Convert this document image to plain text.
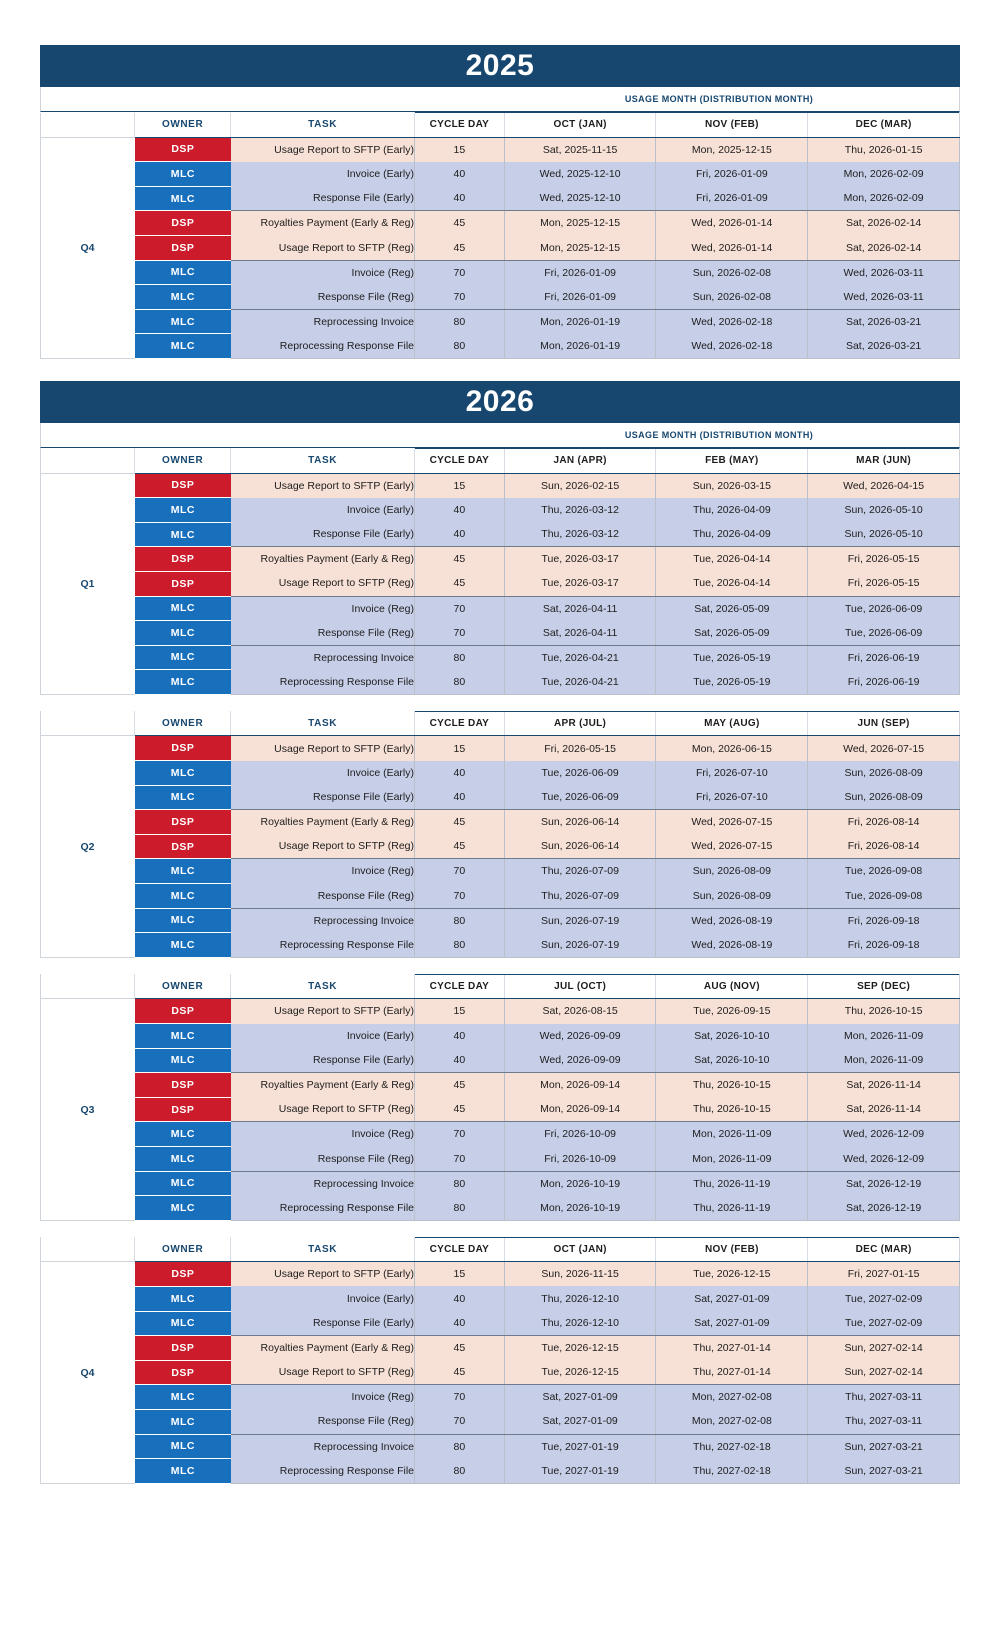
2025
USAGE MONTH (DISTRIBUTION MONTH)
	OWNER	TASK	CYCLE DAY	OCT (JAN)	NOV (FEB)	DEC (MAR)
Q4	DSP	Usage Report to SFTP (Early)	15	Sat, 2025-11-15	Mon, 2025-12-15	Thu, 2026-01-15
	MLC	Invoice (Early)	40	Wed, 2025-12-10	Fri, 2026-01-09	Mon, 2026-02-09
	MLC	Response File (Early)	40	Wed, 2025-12-10	Fri, 2026-01-09	Mon, 2026-02-09
	DSP	Royalties Payment (Early & Reg)	45	Mon, 2025-12-15	Wed, 2026-01-14	Sat, 2026-02-14
	DSP	Usage Report to SFTP (Reg)	45	Mon, 2025-12-15	Wed, 2026-01-14	Sat, 2026-02-14
	MLC	Invoice (Reg)	70	Fri, 2026-01-09	Sun, 2026-02-08	Wed, 2026-03-11
	MLC	Response File (Reg)	70	Fri, 2026-01-09	Sun, 2026-02-08	Wed, 2026-03-11
	MLC	Reprocessing Invoice	80	Mon, 2026-01-19	Wed, 2026-02-18	Sat, 2026-03-21
	MLC	Reprocessing Response File	80	Mon, 2026-01-19	Wed, 2026-02-18	Sat, 2026-03-21
2026
USAGE MONTH (DISTRIBUTION MONTH)
	OWNER	TASK	CYCLE DAY	JAN (APR)	FEB (MAY)	MAR (JUN)
Q1	DSP	Usage Report to SFTP (Early)	15	Sun, 2026-02-15	Sun, 2026-03-15	Wed, 2026-04-15
	MLC	Invoice (Early)	40	Thu, 2026-03-12	Thu, 2026-04-09	Sun, 2026-05-10
	MLC	Response File (Early)	40	Thu, 2026-03-12	Thu, 2026-04-09	Sun, 2026-05-10
	DSP	Royalties Payment (Early & Reg)	45	Tue, 2026-03-17	Tue, 2026-04-14	Fri, 2026-05-15
	DSP	Usage Report to SFTP (Reg)	45	Tue, 2026-03-17	Tue, 2026-04-14	Fri, 2026-05-15
	MLC	Invoice (Reg)	70	Sat, 2026-04-11	Sat, 2026-05-09	Tue, 2026-06-09
	MLC	Response File (Reg)	70	Sat, 2026-04-11	Sat, 2026-05-09	Tue, 2026-06-09
	MLC	Reprocessing Invoice	80	Tue, 2026-04-21	Tue, 2026-05-19	Fri, 2026-06-19
	MLC	Reprocessing Response File	80	Tue, 2026-04-21	Tue, 2026-05-19	Fri, 2026-06-19
	OWNER	TASK	CYCLE DAY	APR (JUL)	MAY (AUG)	JUN (SEP)
Q2	DSP	Usage Report to SFTP (Early)	15	Fri, 2026-05-15	Mon, 2026-06-15	Wed, 2026-07-15
	MLC	Invoice (Early)	40	Tue, 2026-06-09	Fri, 2026-07-10	Sun, 2026-08-09
	MLC	Response File (Early)	40	Tue, 2026-06-09	Fri, 2026-07-10	Sun, 2026-08-09
	DSP	Royalties Payment (Early & Reg)	45	Sun, 2026-06-14	Wed, 2026-07-15	Fri, 2026-08-14
	DSP	Usage Report to SFTP (Reg)	45	Sun, 2026-06-14	Wed, 2026-07-15	Fri, 2026-08-14
	MLC	Invoice (Reg)	70	Thu, 2026-07-09	Sun, 2026-08-09	Tue, 2026-09-08
	MLC	Response File (Reg)	70	Thu, 2026-07-09	Sun, 2026-08-09	Tue, 2026-09-08
	MLC	Reprocessing Invoice	80	Sun, 2026-07-19	Wed, 2026-08-19	Fri, 2026-09-18
	MLC	Reprocessing Response File	80	Sun, 2026-07-19	Wed, 2026-08-19	Fri, 2026-09-18
	OWNER	TASK	CYCLE DAY	JUL (OCT)	AUG (NOV)	SEP (DEC)
Q3	DSP	Usage Report to SFTP (Early)	15	Sat, 2026-08-15	Tue, 2026-09-15	Thu, 2026-10-15
	MLC	Invoice (Early)	40	Wed, 2026-09-09	Sat, 2026-10-10	Mon, 2026-11-09
	MLC	Response File (Early)	40	Wed, 2026-09-09	Sat, 2026-10-10	Mon, 2026-11-09
	DSP	Royalties Payment (Early & Reg)	45	Mon, 2026-09-14	Thu, 2026-10-15	Sat, 2026-11-14
	DSP	Usage Report to SFTP (Reg)	45	Mon, 2026-09-14	Thu, 2026-10-15	Sat, 2026-11-14
	MLC	Invoice (Reg)	70	Fri, 2026-10-09	Mon, 2026-11-09	Wed, 2026-12-09
	MLC	Response File (Reg)	70	Fri, 2026-10-09	Mon, 2026-11-09	Wed, 2026-12-09
	MLC	Reprocessing Invoice	80	Mon, 2026-10-19	Thu, 2026-11-19	Sat, 2026-12-19
	MLC	Reprocessing Response File	80	Mon, 2026-10-19	Thu, 2026-11-19	Sat, 2026-12-19
	OWNER	TASK	CYCLE DAY	OCT (JAN)	NOV (FEB)	DEC (MAR)
Q4	DSP	Usage Report to SFTP (Early)	15	Sun, 2026-11-15	Tue, 2026-12-15	Fri, 2027-01-15
	MLC	Invoice (Early)	40	Thu, 2026-12-10	Sat, 2027-01-09	Tue, 2027-02-09
	MLC	Response File (Early)	40	Thu, 2026-12-10	Sat, 2027-01-09	Tue, 2027-02-09
	DSP	Royalties Payment (Early & Reg)	45	Tue, 2026-12-15	Thu, 2027-01-14	Sun, 2027-02-14
	DSP	Usage Report to SFTP (Reg)	45	Tue, 2026-12-15	Thu, 2027-01-14	Sun, 2027-02-14
	MLC	Invoice (Reg)	70	Sat, 2027-01-09	Mon, 2027-02-08	Thu, 2027-03-11
	MLC	Response File (Reg)	70	Sat, 2027-01-09	Mon, 2027-02-08	Thu, 2027-03-11
	MLC	Reprocessing Invoice	80	Tue, 2027-01-19	Thu, 2027-02-18	Sun, 2027-03-21
	MLC	Reprocessing Response File	80	Tue, 2027-01-19	Thu, 2027-02-18	Sun, 2027-03-21
